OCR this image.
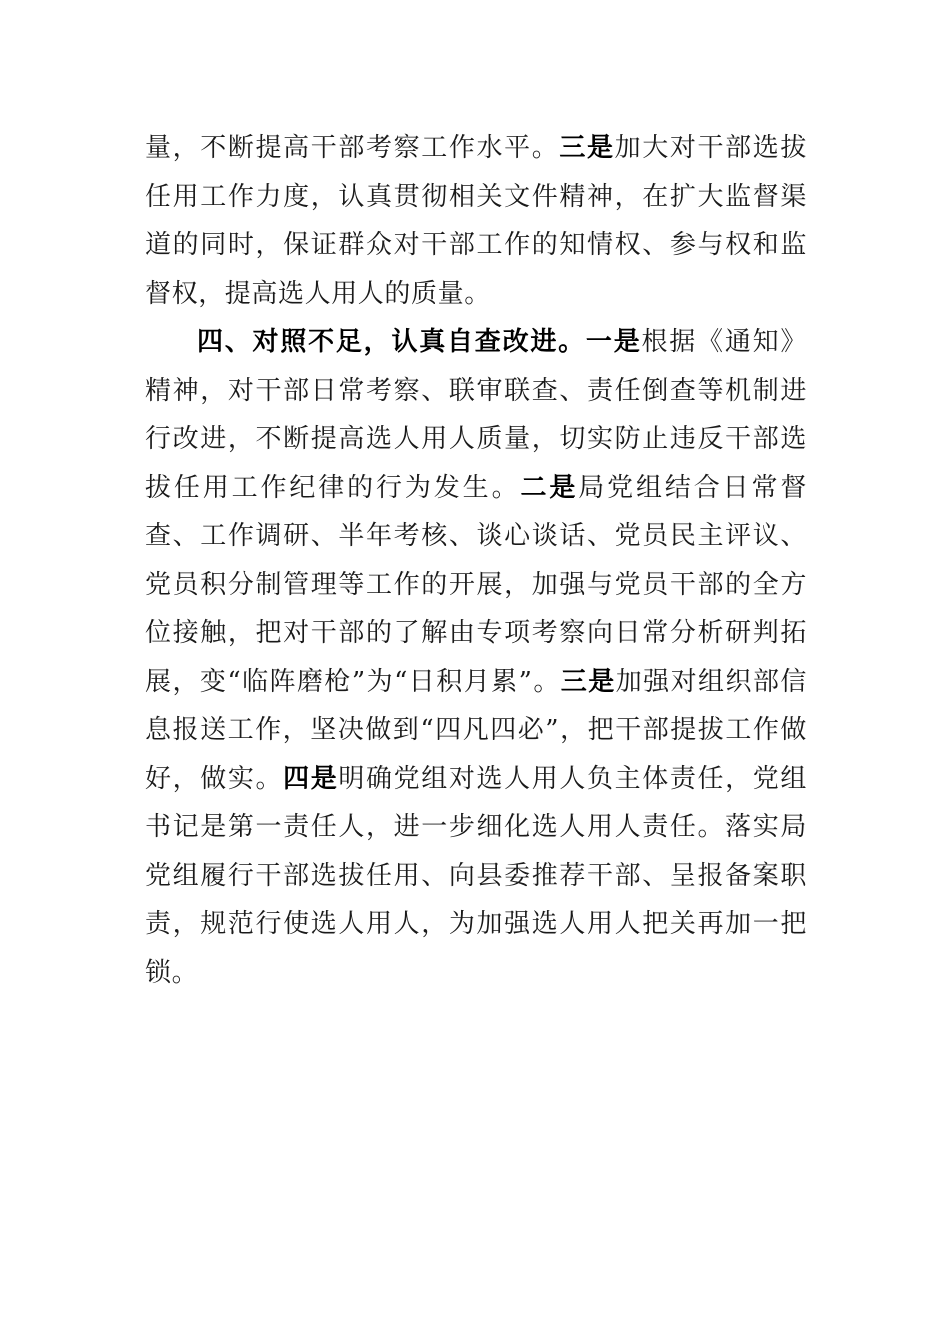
量，不断提高干部考察工作水平。三是加大对干部选拔任用工作力度，认真贯彻相关文件精神，在扩大监督渠道的同时，保证群众对干部工作的知情权、参与权和监督权，提高选人用人的质量。

四、对照不足，认真自查改进。一是根据《通知》精神，对干部日常考察、联审联查、责任倒查等机制进行改进，不断提高选人用人质量，切实防止违反干部选拔任用工作纪律的行为发生。二是局党组结合日常督查、工作调研、半年考核、谈心谈话、党员民主评议、党员积分制管理等工作的开展，加强与党员干部的全方位接触，把对干部的了解由专项考察向日常分析研判拓展，变“临阵磨枪”为“日积月累”。三是加强对组织部信息报送工作，坚决做到“四凡四必”，把干部提拔工作做好，做实。四是明确党组对选人用人负主体责任，党组书记是第一责任人，进一步细化选人用人责任。落实局党组履行干部选拔任用、向县委推荐干部、呈报备案职责，规范行使选人用人，为加强选人用人把关再加一把锁。
